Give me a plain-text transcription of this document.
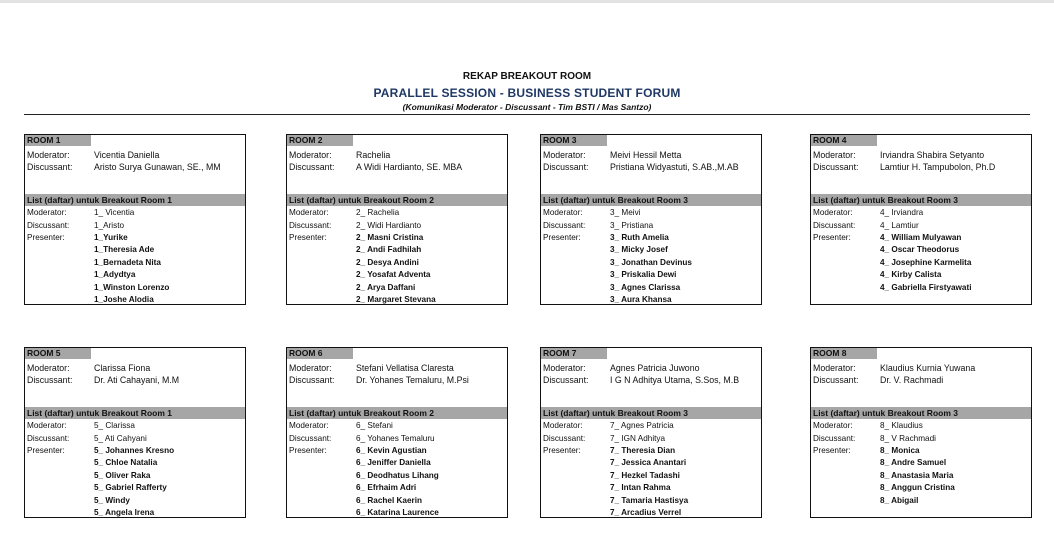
REKAP BREAKOUT ROOM
PARALLEL SESSION - BUSINESS STUDENT FORUM
(Komunikasi Moderator - Discussant - Tim BSTI / Mas Santzo)
ROOM 1
Moderator:	Vicentia Daniella
Discussant:	Aristo Surya Gunawan, SE., MM
List (daftar) untuk Breakout Room 1
Moderator:	1_ Vicentia
Discussant:	1_Aristo
Presenter:	1_Yurike
1_Theresia Ade
1_Bernadeta Nita
1_Adydtya
1_Winston Lorenzo
1_Joshe Alodia
ROOM 2
Moderator:	Rachelia
Discussant:	A Widi Hardianto, SE. MBA
List (daftar) untuk Breakout Room 2
Moderator:	2_ Rachelia
Discussant:	2_ Widi Hardianto
Presenter:	2_ Masni Cristina
2_ Andi Fadhilah
2_ Desya Andini
2_ Yosafat Adventa
2_ Arya Daffani
2_ Margaret Stevana
ROOM 3
Moderator:	Meivi Hessil Metta
Discussant:	Pristiana Widyastuti, S.AB.,M.AB
List (daftar) untuk Breakout Room 3
Moderator:	3_ Meivi
Discussant:	3_ Pristiana
Presenter:	3_ Ruth Amelia
3_ Micky Josef
3_ Jonathan Devinus
3_ Priskalia Dewi
3_ Agnes Clarissa
3_ Aura Khansa
ROOM 4
Moderator:	Irviandra Shabira Setyanto
Discussant:	Lamtiur H. Tampubolon, Ph.D
List (daftar) untuk Breakout Room 3
Moderator:	4_ Irviandra
Discussant:	4_ Lamtiur
Presenter:	4_ William Mulyawan
4_ Oscar Theodorus
4_ Josephine Karmelita
4_ Kirby Calista
4_ Gabriella Firstyawati
ROOM 5
Moderator:	Clarissa Fiona
Discussant:	Dr. Ati Cahayani, M.M
List (daftar) untuk Breakout Room 1
Moderator:	5_ Clarissa
Discussant:	5_ Ati Cahyani
Presenter:	5_ Johannes Kresno
5_ Chloe Natalia
5_ Oliver Raka
5_ Gabriel Rafferty
5_ Windy
5_ Angela Irena
ROOM 6
Moderator:	Stefani Vellatisa Claresta
Discussant:	Dr. Yohanes Temaluru, M.Psi
List (daftar) untuk Breakout Room 2
Moderator:	6_ Stefani
Discussant:	6_ Yohanes Temaluru
Presenter:	6_ Kevin Agustian
6_ Jeniffer Daniella
6_ Deodhatus Lihang
6_ Efrhaim Adri
6_ Rachel Kaerin
6_ Katarina Laurence
ROOM 7
Moderator:	Agnes Patricia Juwono
Discussant:	I G N Adhitya Utama, S.Sos, M.B
List (daftar) untuk Breakout Room 3
Moderator:	7_ Agnes Patricia
Discussant:	7_ IGN Adhitya
Presenter:	7_ Theresia Dian
7_ Jessica Anantari
7_ Hezkel Tadashi
7_ Intan Rahma
7_ Tamaria Hastisya
7_ Arcadius Verrel
ROOM 8
Moderator:	Klaudius Kurnia Yuwana
Discussant:	Dr. V. Rachmadi
List (daftar) untuk Breakout Room 3
Moderator:	8_ Klaudius
Discussant:	8_ V Rachmadi
Presenter:	8_ Monica
8_ Andre Samuel
8_ Anastasia Maria
8_ Anggun Cristina
8_ Abigail
